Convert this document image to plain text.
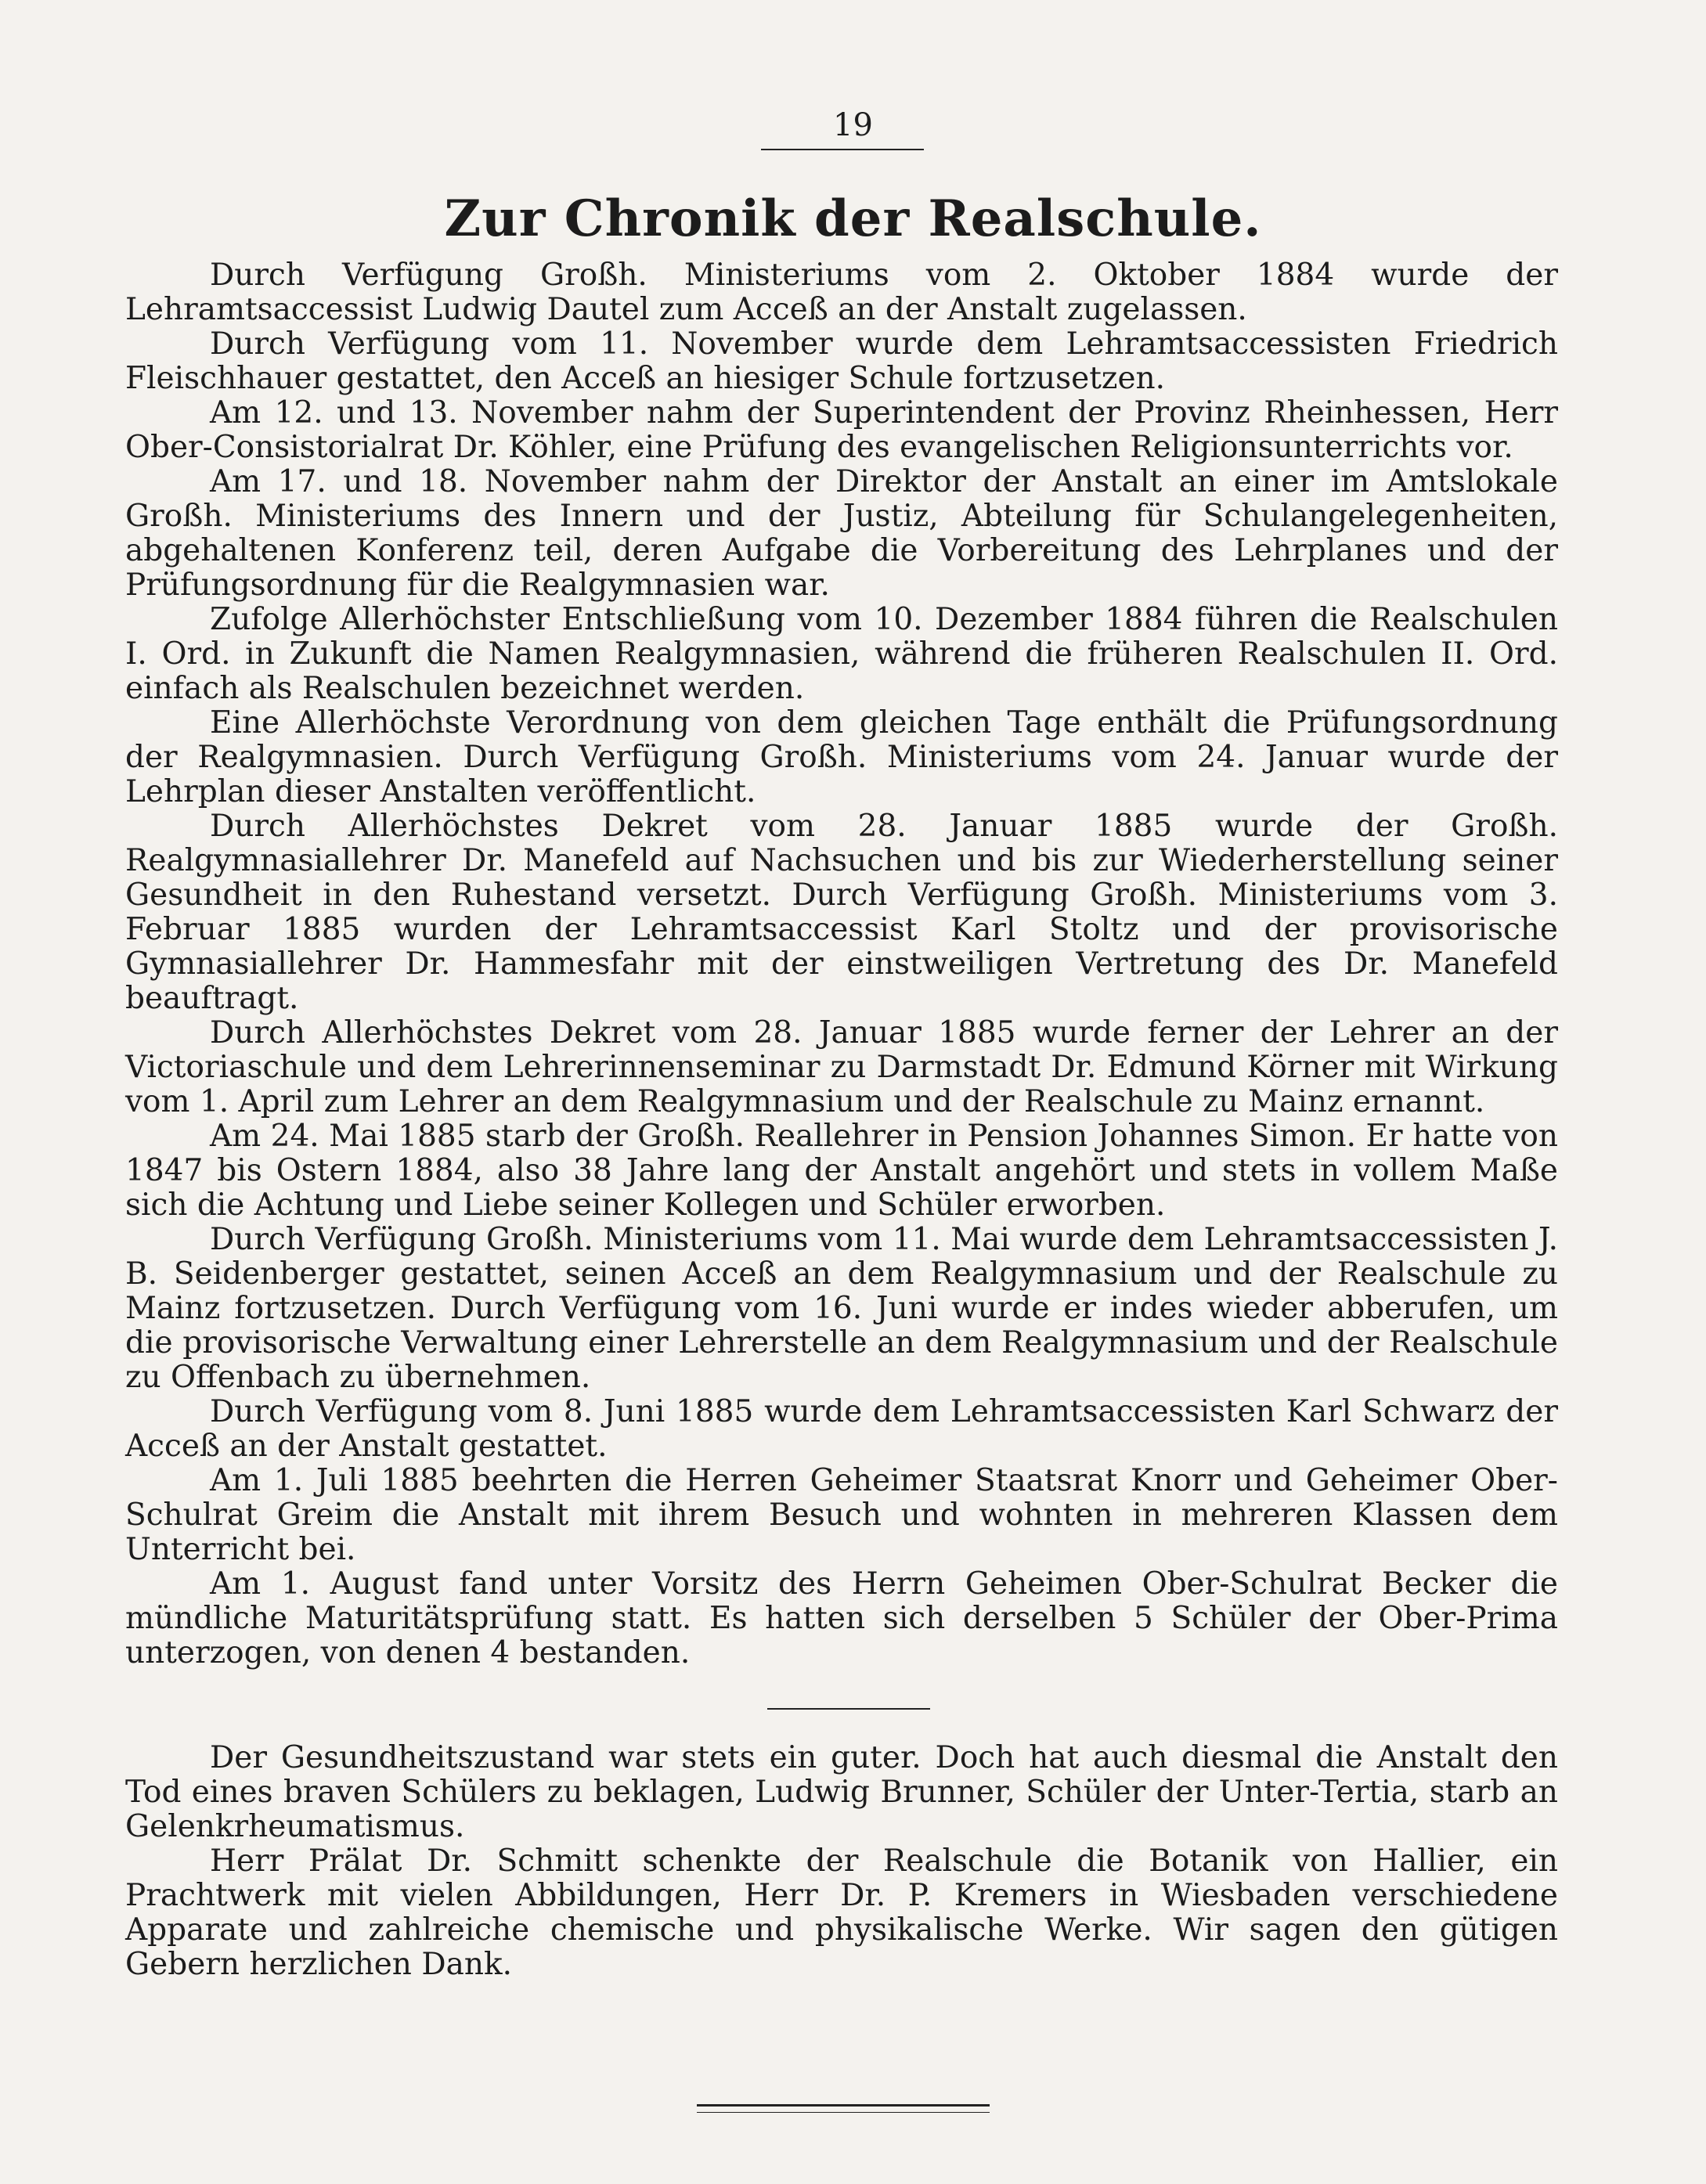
19
Zur Chronik der Realschule.

Durch Verfügung Großh. Ministeriums vom 2. Oktober 1884 wurde der Lehramtsaccessist Ludwig Dautel zum Acceß an der Anstalt zugelassen.

Durch Verfügung vom 11. November wurde dem Lehramtsaccessisten Friedrich Fleischhauer gestattet, den Acceß an hiesiger Schule fortzusetzen.

Am 12. und 13. November nahm der Superintendent der Provinz Rheinhessen, Herr Ober-Consistorialrat Dr. Köhler, eine Prüfung des evangelischen Religionsunterrichts vor.

Am 17. und 18. November nahm der Direktor der Anstalt an einer im Amtslokale Großh. Ministeriums des Innern und der Justiz, Abteilung für Schulangelegenheiten, abgehaltenen Konferenz teil, deren Aufgabe die Vorbereitung des Lehrplanes und der Prüfungsordnung für die Realgymnasien war.

Zufolge Allerhöchster Entschließung vom 10. Dezember 1884 führen die Realschulen I. Ord. in Zukunft die Namen Realgymnasien, während die früheren Realschulen II. Ord. einfach als Realschulen bezeichnet werden.

Eine Allerhöchste Verordnung von dem gleichen Tage enthält die Prüfungsordnung der Realgymnasien. Durch Verfügung Großh. Ministeriums vom 24. Januar wurde der Lehrplan dieser Anstalten veröffentlicht.

Durch Allerhöchstes Dekret vom 28. Januar 1885 wurde der Großh. Realgymnasiallehrer Dr. Manefeld auf Nachsuchen und bis zur Wiederherstellung seiner Gesundheit in den Ruhestand versetzt. Durch Verfügung Großh. Ministeriums vom 3. Februar 1885 wurden der Lehramtsaccessist Karl Stoltz und der provisorische Gymnasiallehrer Dr. Hammesfahr mit der einstweiligen Vertretung des Dr. Manefeld beauftragt.

Durch Allerhöchstes Dekret vom 28. Januar 1885 wurde ferner der Lehrer an der Victoriaschule und dem Lehrerinnenseminar zu Darmstadt Dr. Edmund Körner mit Wirkung vom 1. April zum Lehrer an dem Realgymnasium und der Realschule zu Mainz ernannt.

Am 24. Mai 1885 starb der Großh. Reallehrer in Pension Johannes Simon. Er hatte von 1847 bis Ostern 1884, also 38 Jahre lang der Anstalt angehört und stets in vollem Maße sich die Achtung und Liebe seiner Kollegen und Schüler erworben.

Durch Verfügung Großh. Ministeriums vom 11. Mai wurde dem Lehramtsaccessisten J. B. Seidenberger gestattet, seinen Acceß an dem Realgymnasium und der Realschule zu Mainz fortzusetzen. Durch Verfügung vom 16. Juni wurde er indes wieder abberufen, um die provisorische Verwaltung einer Lehrerstelle an dem Realgymnasium und der Realschule zu Offenbach zu übernehmen.

Durch Verfügung vom 8. Juni 1885 wurde dem Lehramtsaccessisten Karl Schwarz der Acceß an der Anstalt gestattet.

Am 1. Juli 1885 beehrten die Herren Geheimer Staatsrat Knorr und Geheimer Ober-Schulrat Greim die Anstalt mit ihrem Besuch und wohnten in mehreren Klassen dem Unterricht bei.

Am 1. August fand unter Vorsitz des Herrn Geheimen Ober-Schulrat Becker die mündliche Maturitätsprüfung statt. Es hatten sich derselben 5 Schüler der Ober-Prima unterzogen, von denen 4 bestanden.

Der Gesundheitszustand war stets ein guter. Doch hat auch diesmal die Anstalt den Tod eines braven Schülers zu beklagen, Ludwig Brunner, Schüler der Unter-Tertia, starb an Gelenkrheumatismus.

Herr Prälat Dr. Schmitt schenkte der Realschule die Botanik von Hallier, ein Prachtwerk mit vielen Abbildungen, Herr Dr. P. Kremers in Wiesbaden verschiedene Apparate und zahlreiche chemische und physikalische Werke. Wir sagen den gütigen Gebern herzlichen Dank.
